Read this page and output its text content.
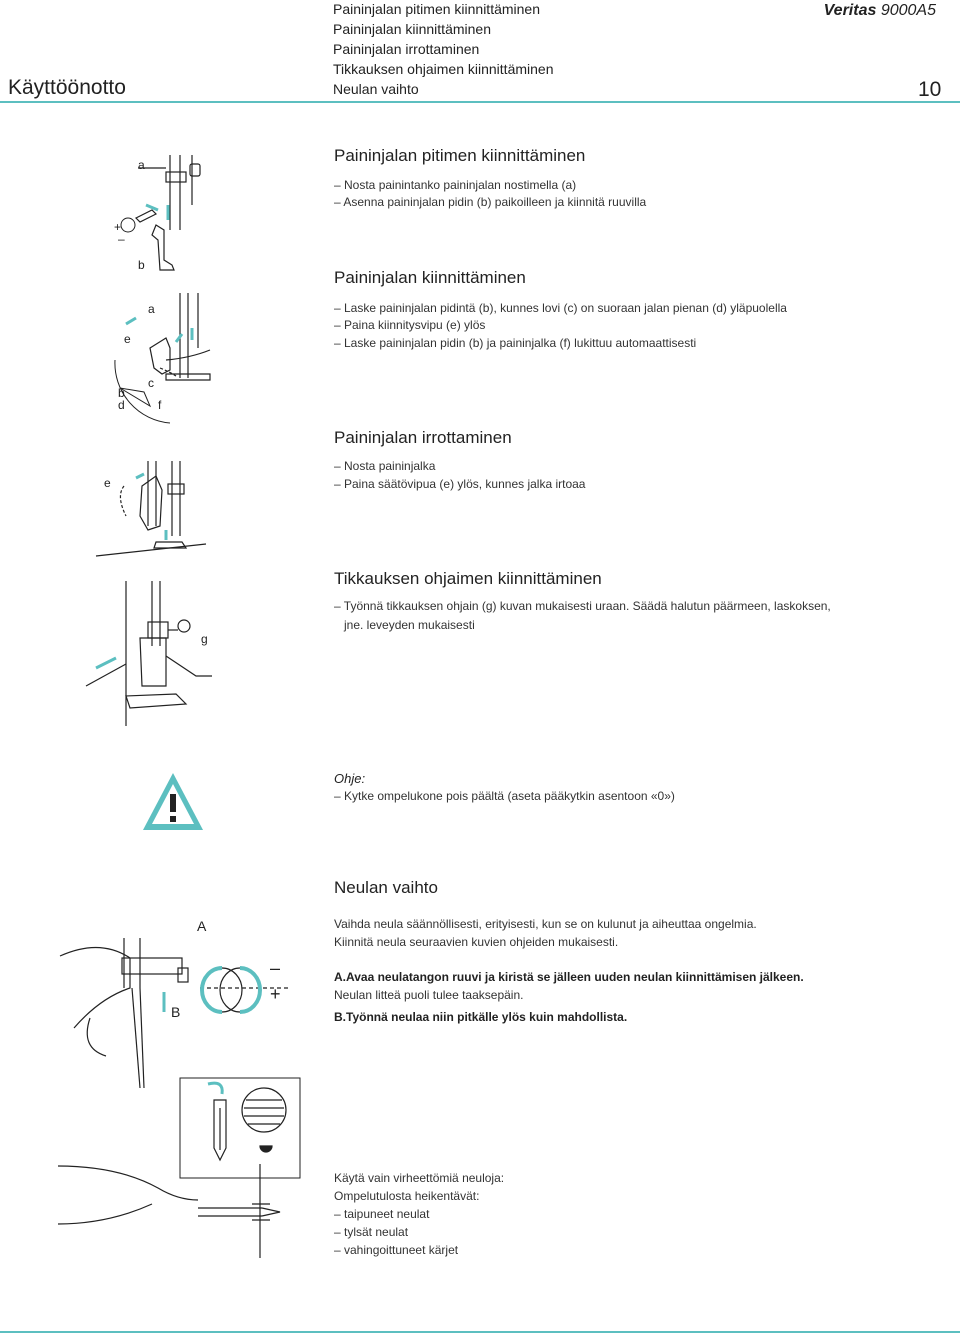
Käyttöönotto
Paininjalan pitimen kiinnittäminen
Paininjalan kiinnittäminen
Paininjalan irrottaminen
Tikkauksen ohjaimen kiinnittäminen
Neulan vaihto
Veritas 9000A5
10
Paininjalan pitimen kiinnittäminen
– Nosta painintanko paininjalan nostimella (a)
– Asenna paininjalan pidin (b) paikoilleen ja kiinnitä ruuvilla
a
b
+
–
Paininjalan kiinnittäminen
– Laske paininjalan pidintä (b), kunnes lovi (c) on suoraan jalan pienan (d) yläpuolella
– Paina kiinnitysvipu (e) ylös
– Laske paininjalan pidin (b) ja paininjalka (f) lukittuu automaattisesti
a
e
b
d
c
f
Paininjalan irrottaminen
– Nosta paininjalka
– Paina säätövipua (e) ylös, kunnes jalka irtoaa
e
Tikkauksen ohjaimen kiinnittäminen
– Työnnä tikkauksen ohjain (g) kuvan mukaisesti uraan. Säädä halutun päärmeen, laskoksen,
jne. leveyden mukaisesti
g
Ohje:
– Kytke ompelukone pois päältä (aseta pääkytkin asentoon «0»)
Neulan vaihto
Vaihda neula säännöllisesti, erityisesti, kun se on kulunut ja aiheuttaa ongelmia.
Kiinnitä neula seuraavien kuvien ohjeiden mukaisesti.
A.Avaa neulatangon ruuvi ja kiristä se jälleen uuden neulan kiinnittämisen jälkeen.
Neulan litteä puoli tulee taaksepäin.
B.Työnnä neulaa niin pitkälle ylös kuin mahdollista.
A
B
–
+
Käytä vain virheettömiä neuloja:
Ompelutulosta heikentävät:
– taipuneet neulat
– tylsät neulat
– vahingoittuneet kärjet
